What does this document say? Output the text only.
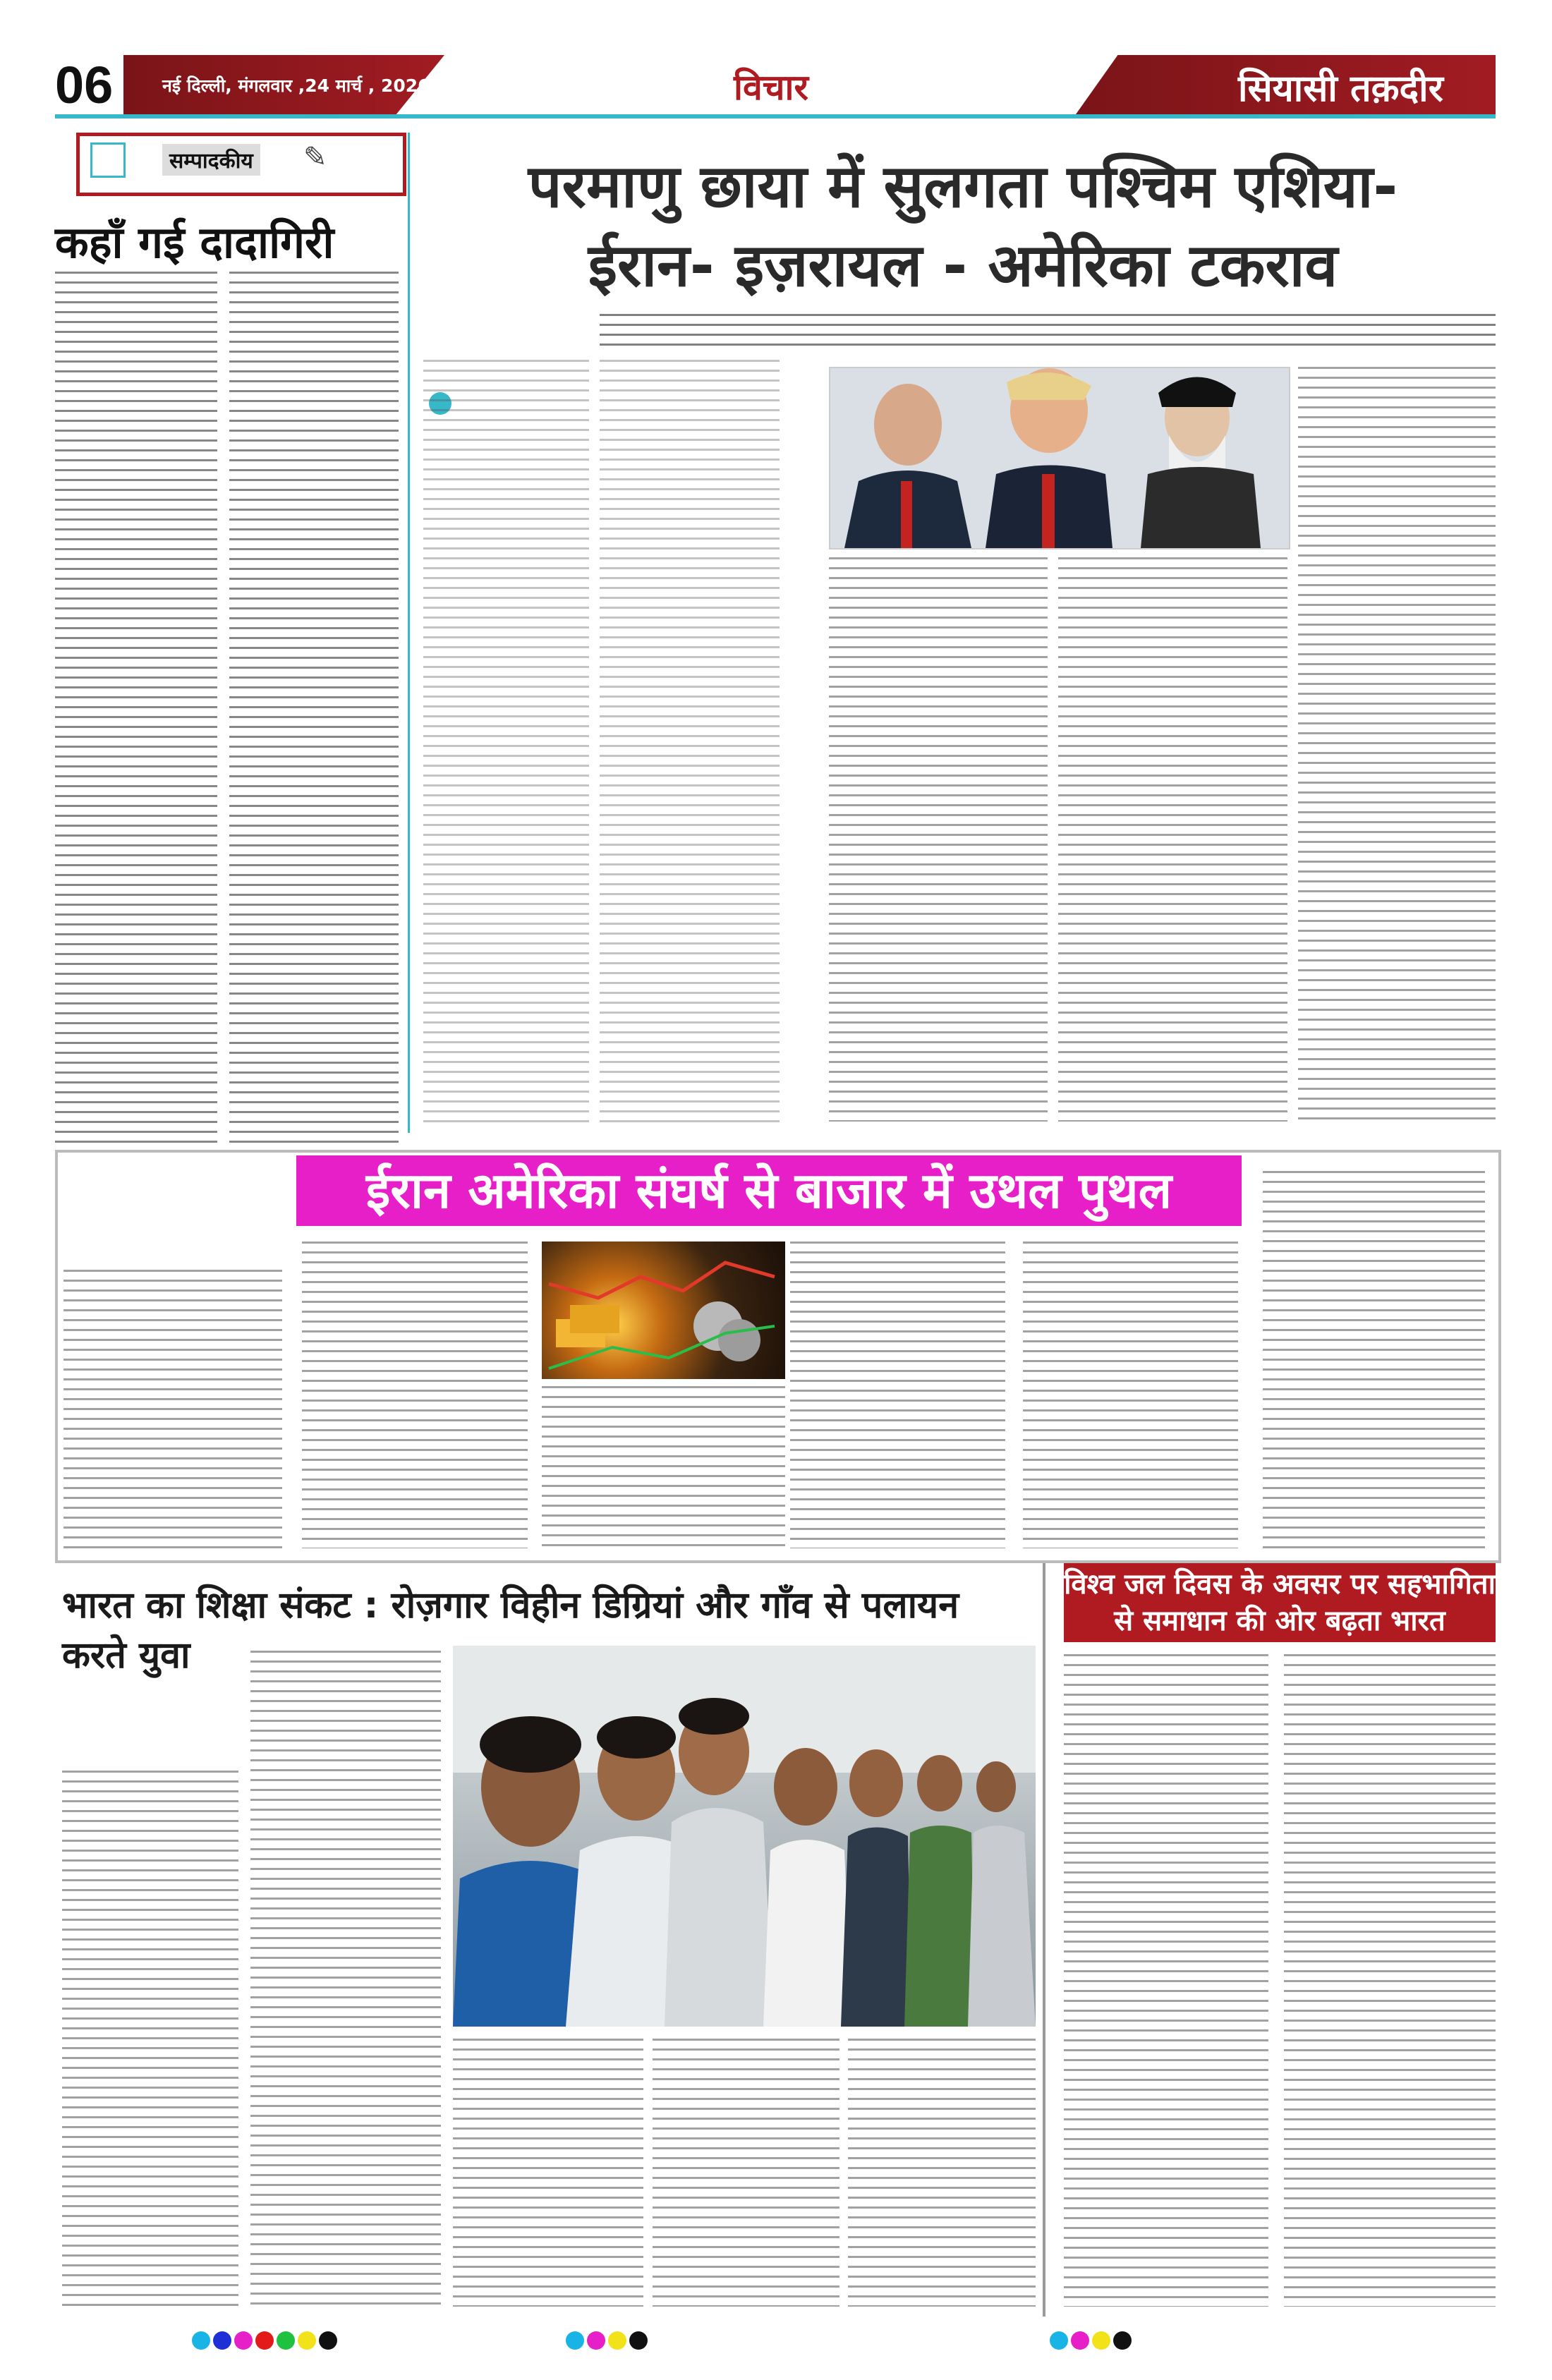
06	नई दिल्ली, मंगलवार ,24 मार्च , 2026	विचार	सियासी तक़दीर
सम्पादकीय ✎
कहाँ गई दादागिरी
परमाणु छाया में सुलगता पश्चिम एशिया-
ईरान- इज़रायल - अमेरिका टकराव
ईरान अमेरिका संघर्ष से बाजार में उथल पुथल
भारत का शिक्षा संकट : रोज़गार विहीन डिग्रियां और गाँव से पलायन करते युवा
विश्व जल दिवस के अवसर पर सहभागिता
से समाधान की ओर बढ़ता भारत
